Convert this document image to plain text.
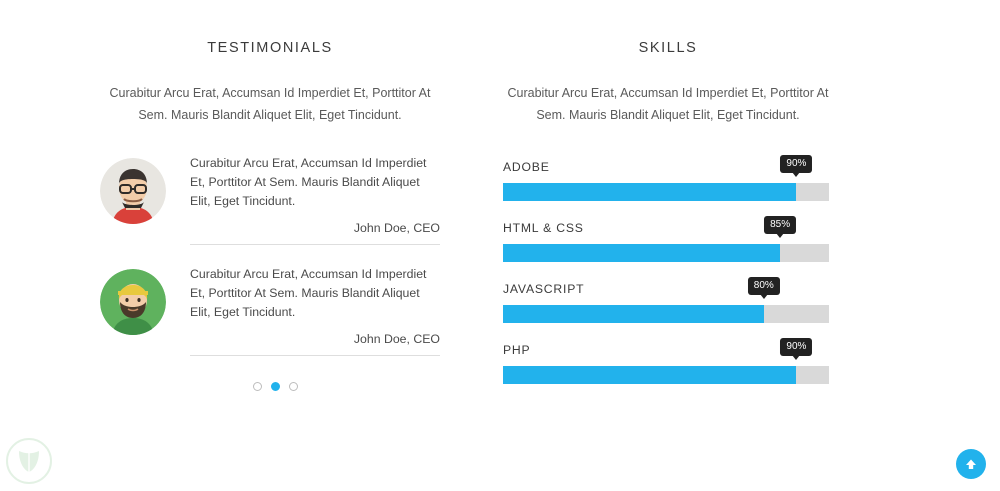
TESTIMONIALS

Curabitur Arcu Erat, Accumsan Id Imperdiet Et, Porttitor At Sem. Mauris Blandit Aliquet Elit, Eget Tincidunt.

Curabitur Arcu Erat, Accumsan Id Imperdiet Et, Porttitor At Sem. Mauris Blandit Aliquet Elit, Eget Tincidunt.

John Doe, CEO

Curabitur Arcu Erat, Accumsan Id Imperdiet Et, Porttitor At Sem. Mauris Blandit Aliquet Elit, Eget Tincidunt.

John Doe, CEO

SKILLS

Curabitur Arcu Erat, Accumsan Id Imperdiet Et, Porttitor At Sem. Mauris Blandit Aliquet Elit, Eget Tincidunt.

ADOBE	90%
HTML & CSS	85%
JAVASCRIPT	80%
PHP	90%
